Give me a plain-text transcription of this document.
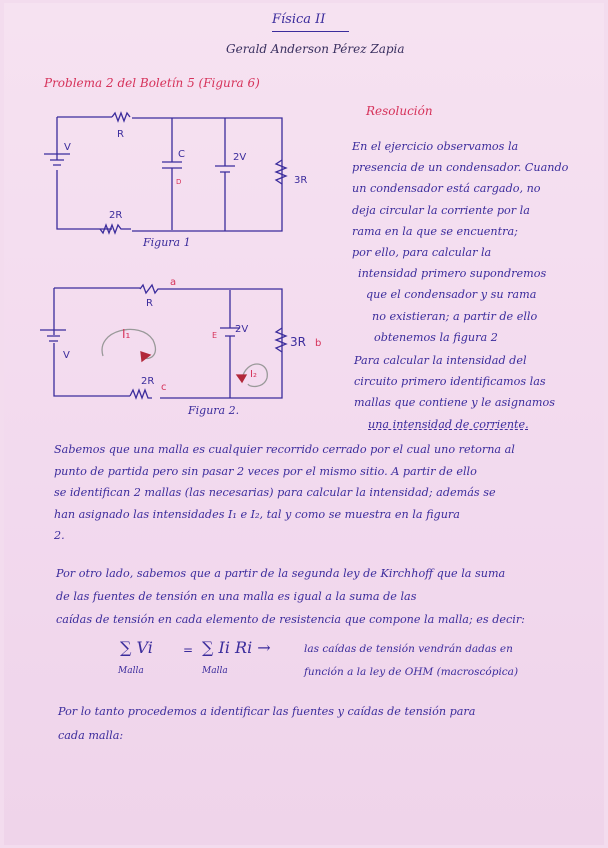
Física II
Gerald Anderson Pérez Zapia
Problema 2 del Boletín 5 (Figura 6)
Resolución
En el ejercicio observamos la
presencia de un condensador. Cuando
un condensador está cargado, no
deja circular la corriente por la
rama en la que se encuentra;
por ello, para calcular la
intensidad primero supondremos
que el condensador y su rama
no existieran; a partir de ello
obtenemos la figura 2
Para calcular la intensidad del
circuito primero identificamos las
mallas que contiene y le asignamos
una intensidad de corriente.
V
R
C
D
2V
3R
2R
V
R
a
I₁	E
2V
3R b
I₂
2R
c
Figura 1
Figura 2.
Sabemos que una malla es cualquier recorrido cerrado por el cual uno retorna al
punto de partida pero sin pasar 2 veces por el mismo sitio. A partir de ello
se identifican 2 mallas (las necesarias) para calcular la intensidad; además se
han asignado las intensidades I₁ e I₂, tal y como se muestra en la figura
2.
Por otro lado, sabemos que a partir de la segunda ley de Kirchhoff que la suma
de las fuentes de tensión en una malla es igual a la suma de las
caídas de tensión en cada elemento de resistencia que compone la malla; es decir:
∑ Vi
Malla
= ∑ Ii Ri →
Malla
las caídas de tensión vendrán dadas en
función a la ley de OHM (macroscópica)
Por lo tanto procedemos a identificar las fuentes y caídas de tensión para
cada malla:
